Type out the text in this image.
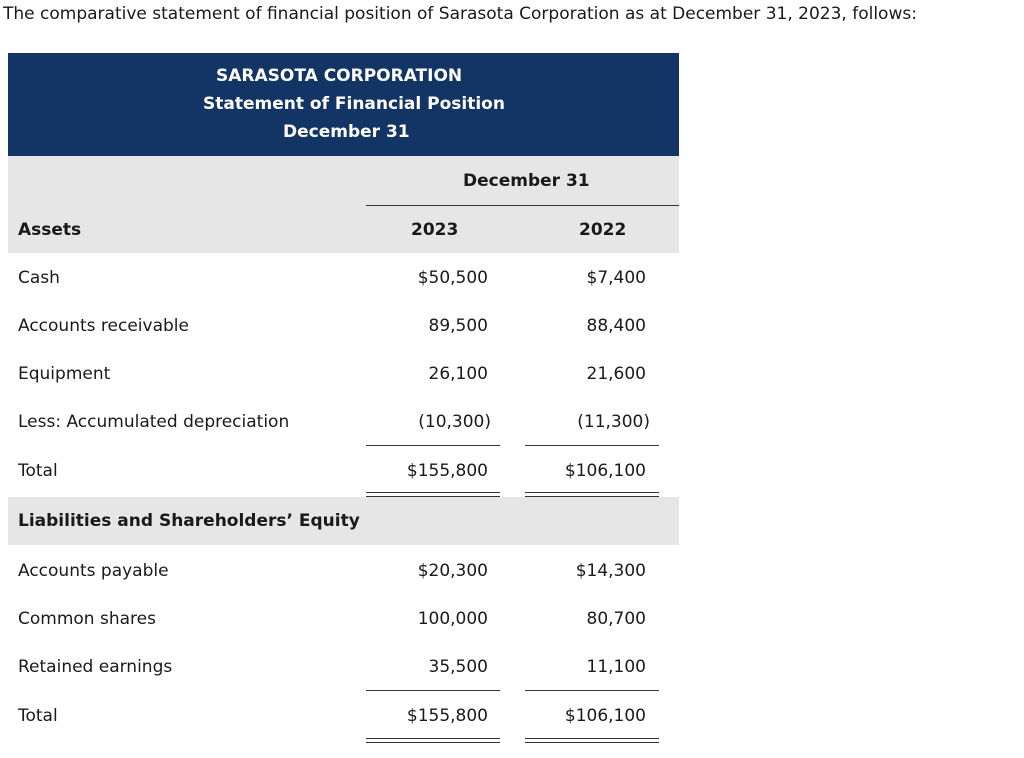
The comparative statement of financial position of Sarasota Corporation as at December 31, 2023, follows:
SARASOTA CORPORATION
Statement of Financial Position
December 31
December 31
Assets	2023	2022
Cash	$50,500	$7,400
Accounts receivable	89,500	88,400
Equipment	26,100	21,600
Less: Accumulated depreciation	(10,300)	(11,300)
Total	$155,800	$106,100
Liabilities and Shareholders’ Equity
Accounts payable	$20,300	$14,300
Common shares	100,000	80,700
Retained earnings	35,500	11,100
Total	$155,800	$106,100
